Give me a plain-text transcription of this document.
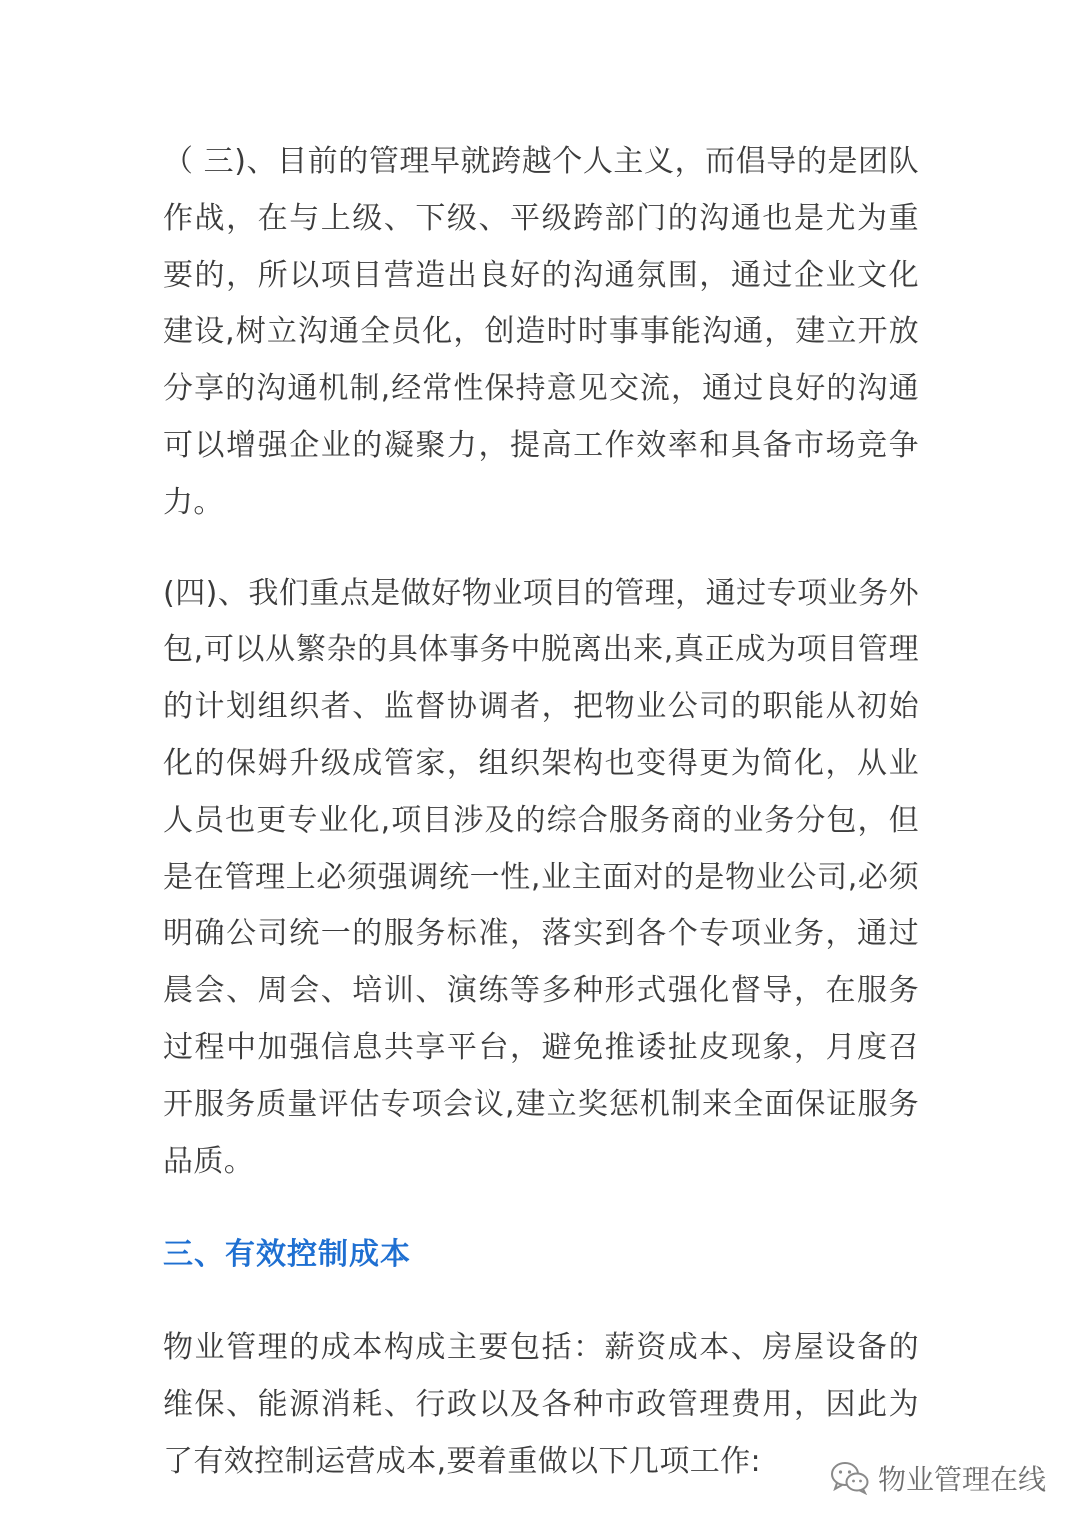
（ 三)、目前的管理早就跨越个人主义，而倡导的是团队作战，在与上级、下级、平级跨部门的沟通也是尤为重要的，所以项目营造出良好的沟通氛围，通过企业文化建设,树立沟通全员化，创造时时事事能沟通，建立开放分享的沟通机制,经常性保持意见交流，通过良好的沟通可以增强企业的凝聚力，提高工作效率和具备市场竞争力。

(四)、我们重点是做好物业项目的管理，通过专项业务外包,可以从繁杂的具体事务中脱离出来,真正成为项目管理的计划组织者、监督协调者，把物业公司的职能从初始化的保姆升级成管家，组织架构也变得更为简化，从业人员也更专业化,项目涉及的综合服务商的业务分包，但是在管理上必须强调统一性,业主面对的是物业公司,必须明确公司统一的服务标准，落实到各个专项业务，通过晨会、周会、培训、演练等多种形式强化督导，在服务过程中加强信息共享平台，避免推诿扯皮现象，月度召开服务质量评估专项会议,建立奖惩机制来全面保证服务品质。

三、有效控制成本

物业管理的成本构成主要包括：薪资成本、房屋设备的维保、能源消耗、行政以及各种市政管理费用，因此为了有效控制运营成本,要着重做以下几项工作:

物业管理在线
